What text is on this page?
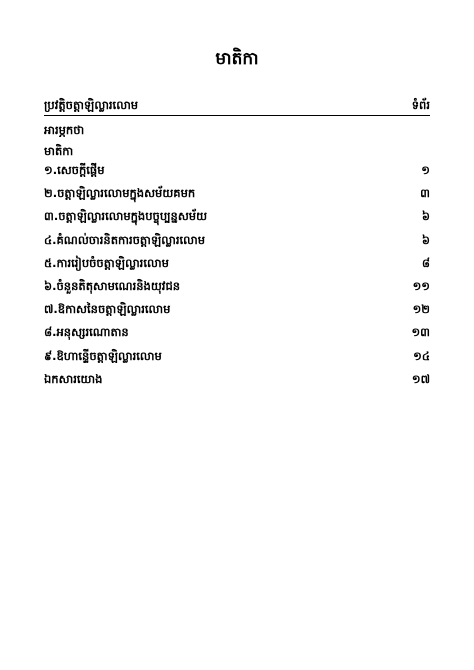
មាតិកា
ប្រវត្តិចត្តាឡិល្លារលោម	ទំព័រ
អារម្ភកថា
មាតិកា
១.សេចក្តីផ្តើម	១
២.ចត្តាឡិល្លារលោមក្នុងសម័យគមក	៣
៣.ចត្តាឡិល្លារលោមក្នុងបច្ចុប្បន្នសម័យ	៦
៤.គំណល់ចារនិតការចត្តាឡិល្លារលោម	៦
៥.ការរៀបចំចត្តាឡិល្លារលោម	៨
៦.ចំនួនតិតុសាមណេរនិងយុវជន	១១
៧.ឱកាសនៃចត្តាឡិល្លារលោម	១២
៨.អនុស្សរណោតាន	១៣
៩.ឱហាន្ទើចត្តាឡិល្លារលោម	១៤
ឯកសារយោង	១៧
